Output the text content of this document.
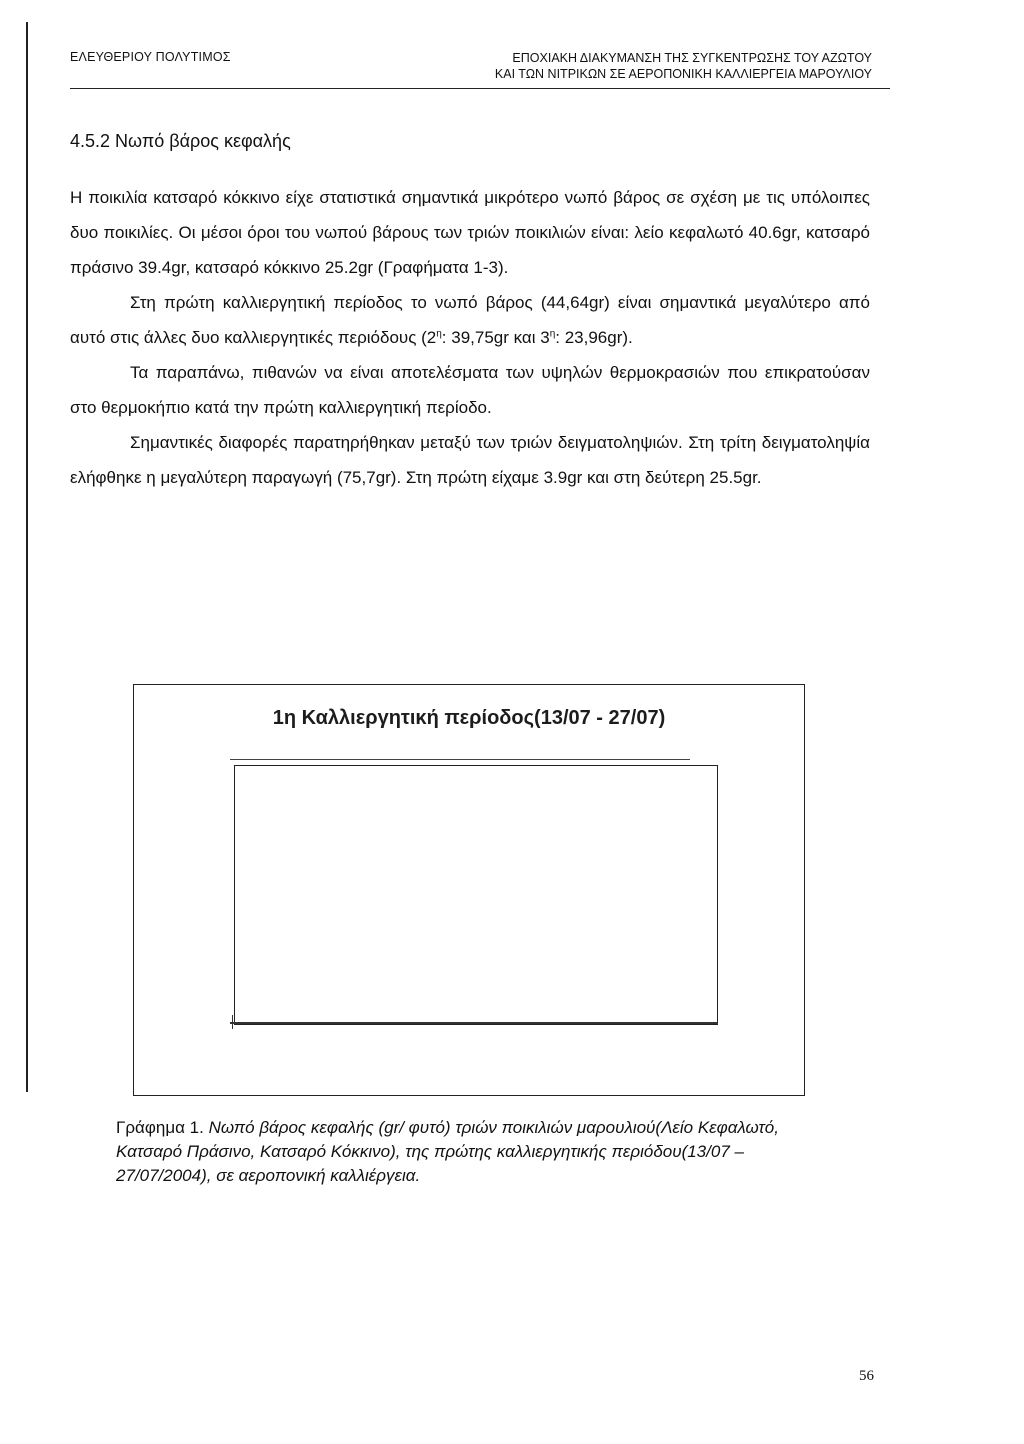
ΕΛΕΥΘΕΡΙΟΥ ΠΟΛΥΤΙΜΟΣ	ΕΠΟΧΙΑΚΗ ΔΙΑΚΥΜΑΝΣΗ ΤΗΣ ΣΥΓΚΕΝΤΡΩΣΗΣ ΤΟΥ ΑΖΩΤΟΥ
ΚΑΙ ΤΩΝ ΝΙΤΡΙΚΩΝ ΣΕ ΑΕΡΟΠΟΝΙΚΗ ΚΑΛΛΙΕΡΓΕΙΑ ΜΑΡΟΥΛΙΟΥ
4.5.2 Νωπό βάρος κεφαλής

Η ποικιλία κατσαρό κόκκινο είχε στατιστικά σημαντικά μικρότερο νωπό βάρος σε σχέση με τις υπόλοιπες δυο ποικιλίες. Οι μέσοι όροι του νωπού βάρους των τριών ποικιλιών είναι: λείο κεφαλωτό 40.6gr, κατσαρό πράσινο 39.4gr, κατσαρό κόκκινο 25.2gr (Γραφήματα 1-3).

Στη πρώτη καλλιεργητική περίοδος το νωπό βάρος (44,64gr) είναι σημαντικά μεγαλύτερο από αυτό στις άλλες δυο καλλιεργητικές περιόδους ($2^\eta$: 39,75gr και $3^\eta$: 23,96gr).

Τα παραπάνω, πιθανών να είναι αποτελέσματα των υψηλών θερμοκρασιών που επικρατούσαν στο θερμοκήπιο κατά την πρώτη καλλιεργητική περίοδο.

Σημαντικές διαφορές παρατηρήθηκαν μεταξύ των τριών δειγματοληψιών. Στη τρίτη δειγματοληψία ελήφθηκε η μεγαλύτερη παραγωγή (75,7gr). Στη πρώτη είχαμε 3.9gr και στη δεύτερη 25.5gr.

1η Καλλιεργητική περίοδος(13/07 - 27/07)
Γράφημα 1. Νωπό βάρος κεφαλής (gr/ φυτό) τριών ποικιλιών μαρουλιού(Λείο Κεφαλωτό, Κατσαρό Πράσινο, Κατσαρό Κόκκινο), της πρώτης καλλιεργητικής περιόδου(13/07 – 27/07/2004), σε αεροπονική καλλιέργεια.
56
